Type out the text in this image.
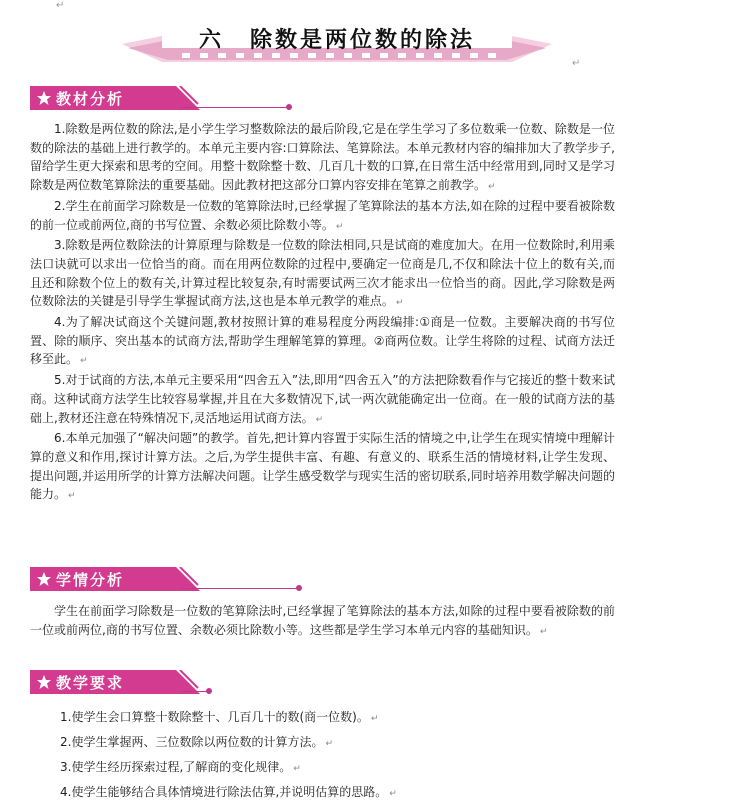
↵
六 除数是两位数的除法
↵
教材分析

1.除数是两位数的除法,是小学生学习整数除法的最后阶段,它是在学生学习了多位数乘一位数、除数是一位数的除法的基础上进行教学的。本单元主要内容:口算除法、笔算除法。本单元教材内容的编排加大了教学步子,留给学生更大探索和思考的空间。用整十数除整十数、几百几十数的口算,在日常生活中经常用到,同时又是学习除数是两位数笔算除法的重要基础。因此教材把这部分口算内容安排在笔算之前教学。 ↵

2.学生在前面学习除数是一位数的笔算除法时,已经掌握了笔算除法的基本方法,如在除的过程中要看被除数的前一位或前两位,商的书写位置、余数必须比除数小等。 ↵

3.除数是两位数除法的计算原理与除数是一位数的除法相同,只是试商的难度加大。在用一位数除时,利用乘法口诀就可以求出一位恰当的商。而在用两位数除的过程中,要确定一位商是几,不仅和除法十位上的数有关,而且还和除数个位上的数有关,计算过程比较复杂,有时需要试两三次才能求出一位恰当的商。因此,学习除数是两位数除法的关键是引导学生掌握试商方法,这也是本单元教学的难点。 ↵

4.为了解决试商这个关键问题,教材按照计算的难易程度分两段编排:①商是一位数。主要解决商的书写位置、除的顺序、突出基本的试商方法,帮助学生理解笔算的算理。②商两位数。让学生将除的过程、试商方法迁移至此。 ↵

5.对于试商的方法,本单元主要采用“四舍五入”法,即用“四舍五入”的方法把除数看作与它接近的整十数来试商。这种试商方法学生比较容易掌握,并且在大多数情况下,试一两次就能确定出一位商。在一般的试商方法的基础上,教材还注意在特殊情况下,灵活地运用试商方法。 ↵

6.本单元加强了“解决问题”的教学。首先,把计算内容置于实际生活的情境之中,让学生在现实情境中理解计算的意义和作用,探讨计算方法。之后,为学生提供丰富、有趣、有意义的、联系生活的情境材料,让学生发现、提出问题,并运用所学的计算方法解决问题。让学生感受数学与现实生活的密切联系,同时培养用数学解决问题的能力。 ↵

学情分析

学生在前面学习除数是一位数的笔算除法时,已经掌握了笔算除法的基本方法,如除的过程中要看被除数的前一位或前两位,商的书写位置、余数必须比除数小等。这些都是学生学习本单元内容的基础知识。 ↵

教学要求
1.使学生会口算整十数除整十、几百几十的数(商一位数)。 ↵
2.使学生掌握两、三位数除以两位数的计算方法。 ↵
3.使学生经历探索过程,了解商的变化规律。 ↵
4.使学生能够结合具体情境进行除法估算,并说明估算的思路。 ↵
